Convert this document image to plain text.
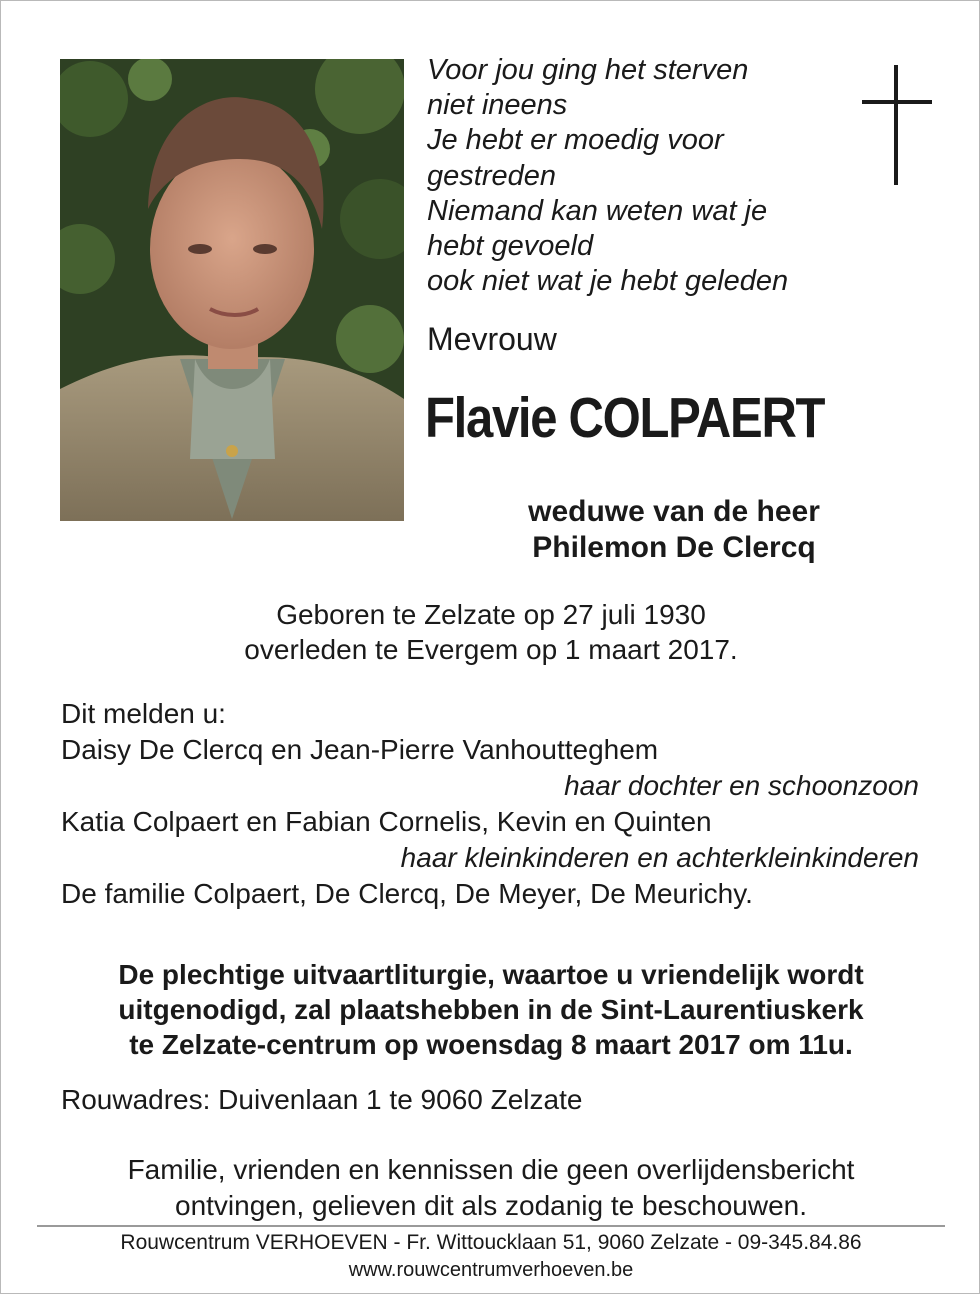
Voor jou ging het sterven
niet ineens
Je hebt er moedig voor
gestreden
Niemand kan weten wat je
hebt gevoeld
ook niet wat je hebt geleden
Mevrouw
Flavie COLPAERT
weduwe van de heer
Philemon De Clercq
Geboren te Zelzate op 27 juli 1930
overleden te Evergem op 1 maart 2017.
Dit melden u:
Daisy De Clercq en Jean-Pierre Vanhoutteghem
haar dochter en schoonzoon
Katia Colpaert en Fabian Cornelis, Kevin en Quinten
haar kleinkinderen en achterkleinkinderen
De familie Colpaert, De Clercq, De Meyer, De Meurichy.
De plechtige uitvaartliturgie, waartoe u vriendelijk wordt
uitgenodigd, zal plaatshebben in de Sint-Laurentiuskerk
te Zelzate-centrum op woensdag 8 maart 2017 om 11u.
Rouwadres: Duivenlaan 1 te 9060 Zelzate
Familie, vrienden en kennissen die geen overlijdensbericht
ontvingen, gelieven dit als zodanig te beschouwen.
Rouwcentrum VERHOEVEN - Fr. Wittoucklaan 51, 9060 Zelzate - 09-345.84.86
www.rouwcentrumverhoeven.be
